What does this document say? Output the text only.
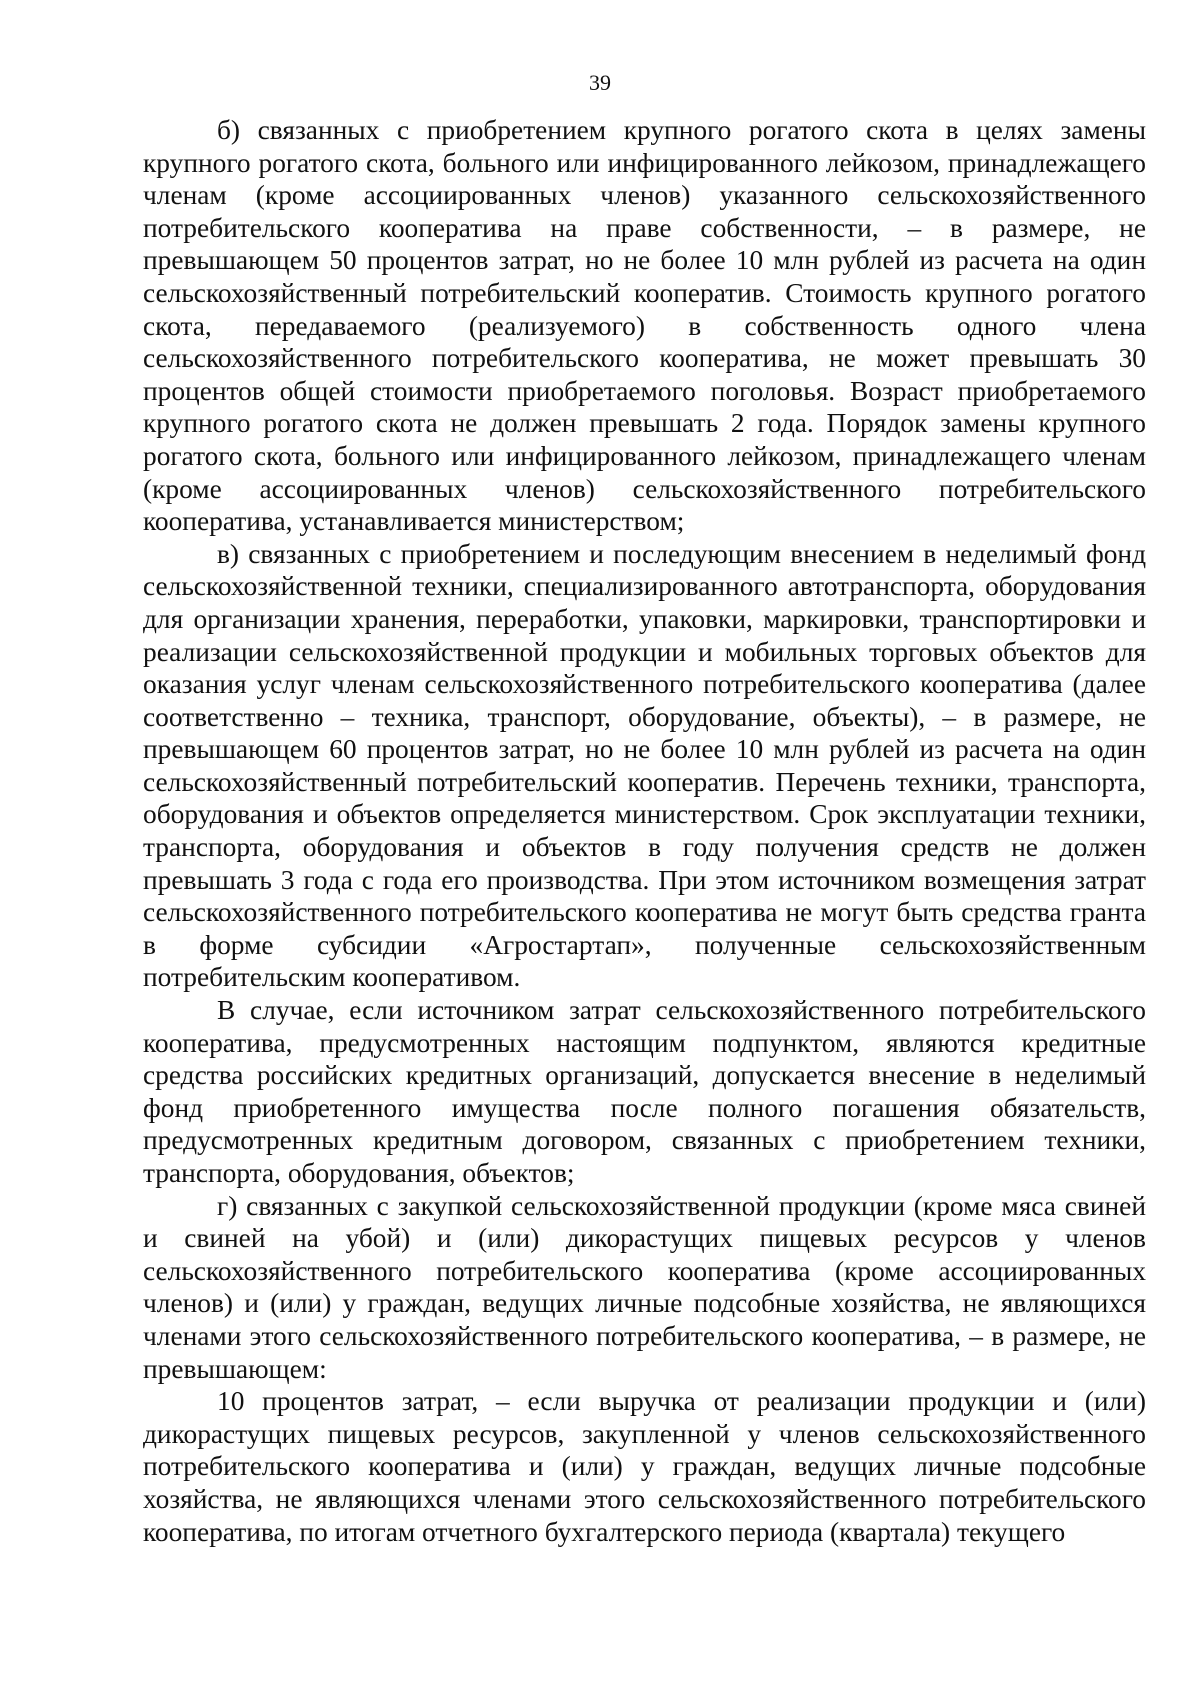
39

б) связанных с приобретением крупного рогатого скота в целях замены крупного рогатого скота, больного или инфицированного лейкозом, принадлежащего членам (кроме ассоциированных членов) указанного сельскохозяйственного потребительского кооператива на праве собственности, – в размере, не превышающем 50 процентов затрат, но не более 10 млн рублей из расчета на один сельскохозяйственный потребительский кооператив. Стоимость крупного рогатого скота, передаваемого (реализуемого) в собственность одного члена сельскохозяйственного потребительского кооператива, не может превышать 30 процентов общей стоимости приобретаемого поголовья. Возраст приобретаемого крупного рогатого скота не должен превышать 2 года. Порядок замены крупного рогатого скота, больного или инфицированного лейкозом, принадлежащего членам (кроме ассоциированных членов) сельскохозяйственного потребительского кооператива, устанавливается министерством;

в) связанных с приобретением и последующим внесением в неделимый фонд сельскохозяйственной техники, специализированного автотранспорта, оборудования для организации хранения, переработки, упаковки, маркировки, транспортировки и реализации сельскохозяйственной продукции и мобильных торговых объектов для оказания услуг членам сельскохозяйственного потребительского кооператива (далее соответственно – техника, транспорт, оборудование, объекты), – в размере, не превышающем 60 процентов затрат, но не более 10 млн рублей из расчета на один сельскохозяйственный потребительский кооператив. Перечень техники, транспорта, оборудования и объектов определяется министерством. Срок эксплуатации техники, транспорта, оборудования и объектов в году получения средств не должен превышать 3 года с года его производства. При этом источником возмещения затрат сельскохозяйственного потребительского кооператива не могут быть средства гранта в форме субсидии «Агростартап», полученные сельскохозяйственным потребительским кооперативом.

В случае, если источником затрат сельскохозяйственного потребительского кооператива, предусмотренных настоящим подпунктом, являются кредитные средства российских кредитных организаций, допускается внесение в неделимый фонд приобретенного имущества после полного погашения обязательств, предусмотренных кредитным договором, связанных с приобретением техники, транспорта, оборудования, объектов;

г) связанных с закупкой сельскохозяйственной продукции (кроме мяса свиней и свиней на убой) и (или) дикорастущих пищевых ресурсов у членов сельскохозяйственного потребительского кооператива (кроме ассоциированных членов) и (или) у граждан, ведущих личные подсобные хозяйства, не являющихся членами этого сельскохозяйственного потребительского кооператива, – в размере, не превышающем:

10 процентов затрат, – если выручка от реализации продукции и (или) дикорастущих пищевых ресурсов, закупленной у членов сельскохозяйственного потребительского кооператива и (или) у граждан, ведущих личные подсобные хозяйства, не являющихся членами этого сельскохозяйственного потребительского кооператива, по итогам отчетного бухгалтерского периода (квартала) текущего
